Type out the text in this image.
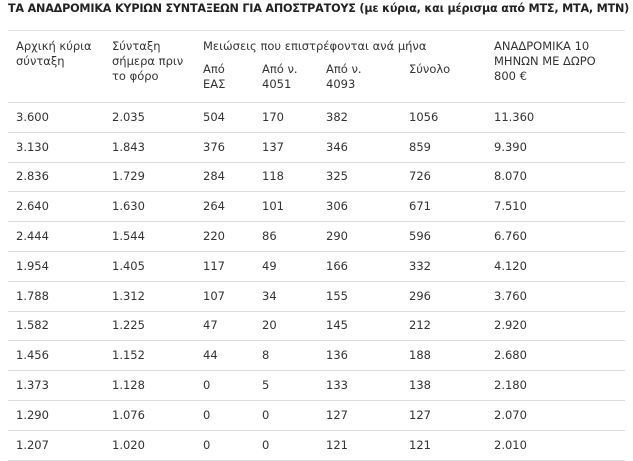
ΤΑ ΑΝΑΔΡΟΜΙΚΑ ΚΥΡΙΩΝ ΣΥΝΤΑΞΕΩΝ ΓΙΑ ΑΠΟΣΤΡΑΤΟΥΣ (με κύρια, και μέρισμα από ΜΤΣ, ΜΤΑ, ΜΤΝ)
Αρχική κύρια σύνταξη	Σύνταξη σήμερα πριν το φόρο	Μειώσεις που επιστρέφονται ανά μήνα				ΑΝΑΔΡΟΜΙΚΑ 10 ΜΗΝΩΝ ΜΕ ΔΩΡΟ 800 €
		Από ΕΑΣ	Από ν. 4051	Από ν. 4093	Σύνολο	
3.600	2.035	504	170	382	1056	11.360
3.130	1.843	376	137	346	859	9.390
2.836	1.729	284	118	325	726	8.070
2.640	1.630	264	101	306	671	7.510
2.444	1.544	220	86	290	596	6.760
1.954	1.405	117	49	166	332	4.120
1.788	1.312	107	34	155	296	3.760
1.582	1.225	47	20	145	212	2.920
1.456	1.152	44	8	136	188	2.680
1.373	1.128	0	5	133	138	2.180
1.290	1.076	0	0	127	127	2.070
1.207	1.020	0	0	121	121	2.010
